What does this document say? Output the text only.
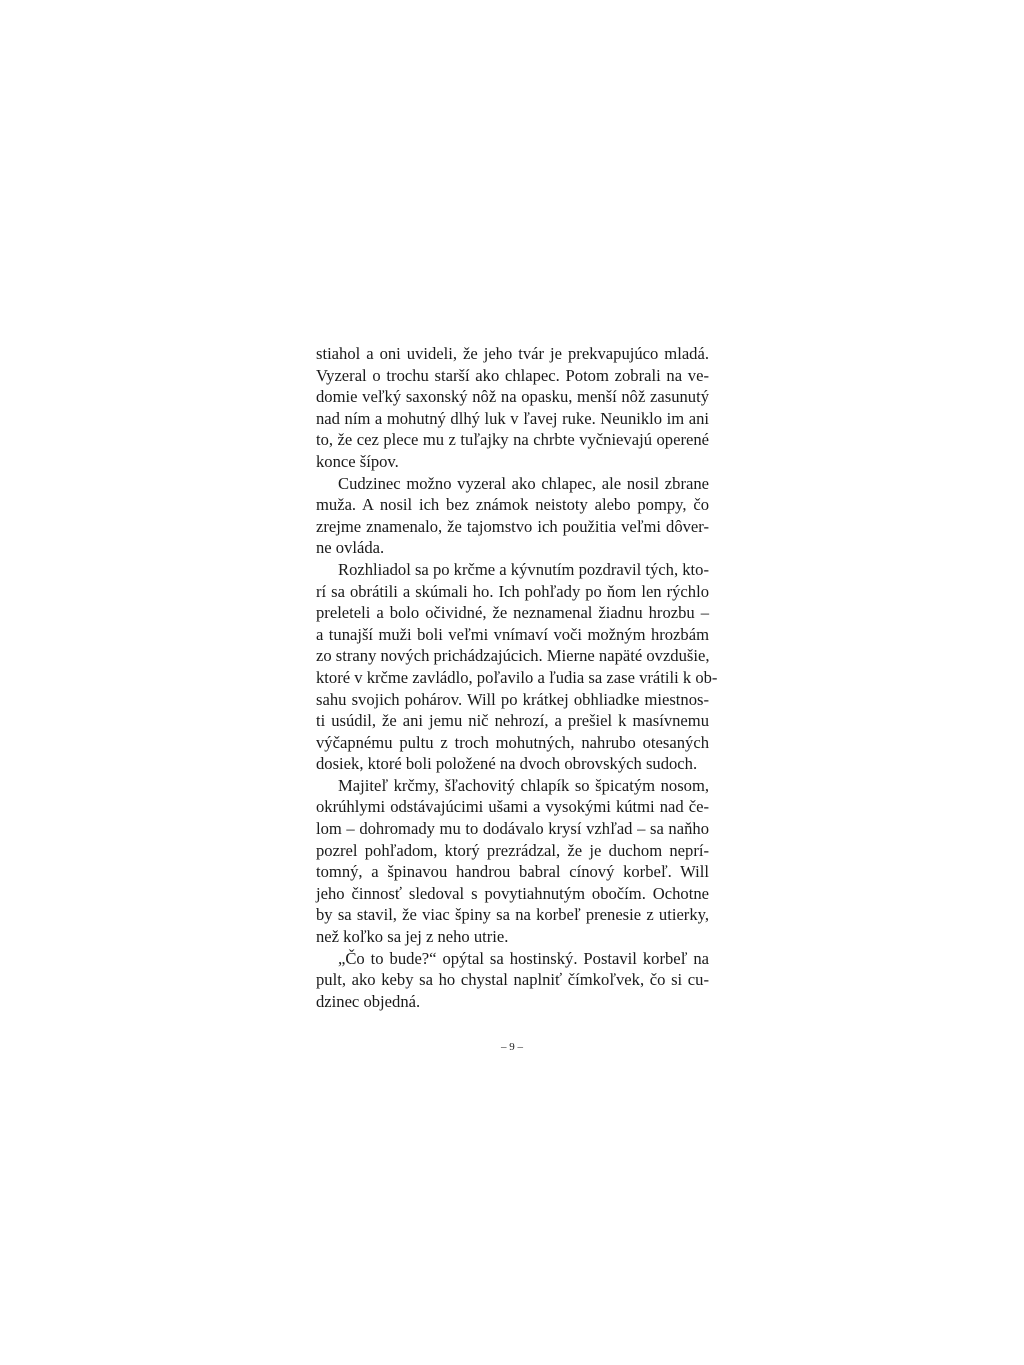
stiahol a oni uvideli, že jeho tvár je prekvapujúco mladá.
Vyzeral o trochu starší ako chlapec. Potom zobrali na ve-
domie veľký saxonský nôž na opasku, menší nôž zasunutý
nad ním a mohutný dlhý luk v ľavej ruke. Neuniklo im ani
to, že cez plece mu z tuľajky na chrbte vyčnievajú operené
konce šípov.
Cudzinec možno vyzeral ako chlapec, ale nosil zbrane
muža. A nosil ich bez známok neistoty alebo pompy, čo
zrejme znamenalo, že tajomstvo ich použitia veľmi dôver-
ne ovláda.
Rozhliadol sa po krčme a kývnutím pozdravil tých, kto-
rí sa obrátili a skúmali ho. Ich pohľady po ňom len rýchlo
preleteli a bolo očividné, že neznamenal žiadnu hrozbu –
a tunajší muži boli veľmi vnímaví voči možným hrozbám
zo strany nových prichádzajúcich. Mierne napäté ovzdušie,
ktoré v krčme zavládlo, poľavilo a ľudia sa zase vrátili k ob-
sahu svojich pohárov. Will po krátkej obhliadke miestnos-
ti usúdil, že ani jemu nič nehrozí, a prešiel k masívnemu
výčapnému pultu z troch mohutných, nahrubo otesaných
dosiek, ktoré boli položené na dvoch obrovských sudoch.
Majiteľ krčmy, šľachovitý chlapík so špicatým nosom,
okrúhlymi odstávajúcimi ušami a vysokými kútmi nad če-
lom – dohromady mu to dodávalo krysí vzhľad – sa naňho
pozrel pohľadom, ktorý prezrádzal, že je duchom neprí-
tomný, a špinavou handrou babral cínový korbeľ. Will
jeho činnosť sledoval s povytiahnutým obočím. Ochotne
by sa stavil, že viac špiny sa na korbeľ prenesie z utierky,
než koľko sa jej z neho utrie.
„Čo to bude?“ opýtal sa hostinský. Postavil korbeľ na
pult, ako keby sa ho chystal naplniť čímkoľvek, čo si cu-
dzinec objedná.
– 9 –
